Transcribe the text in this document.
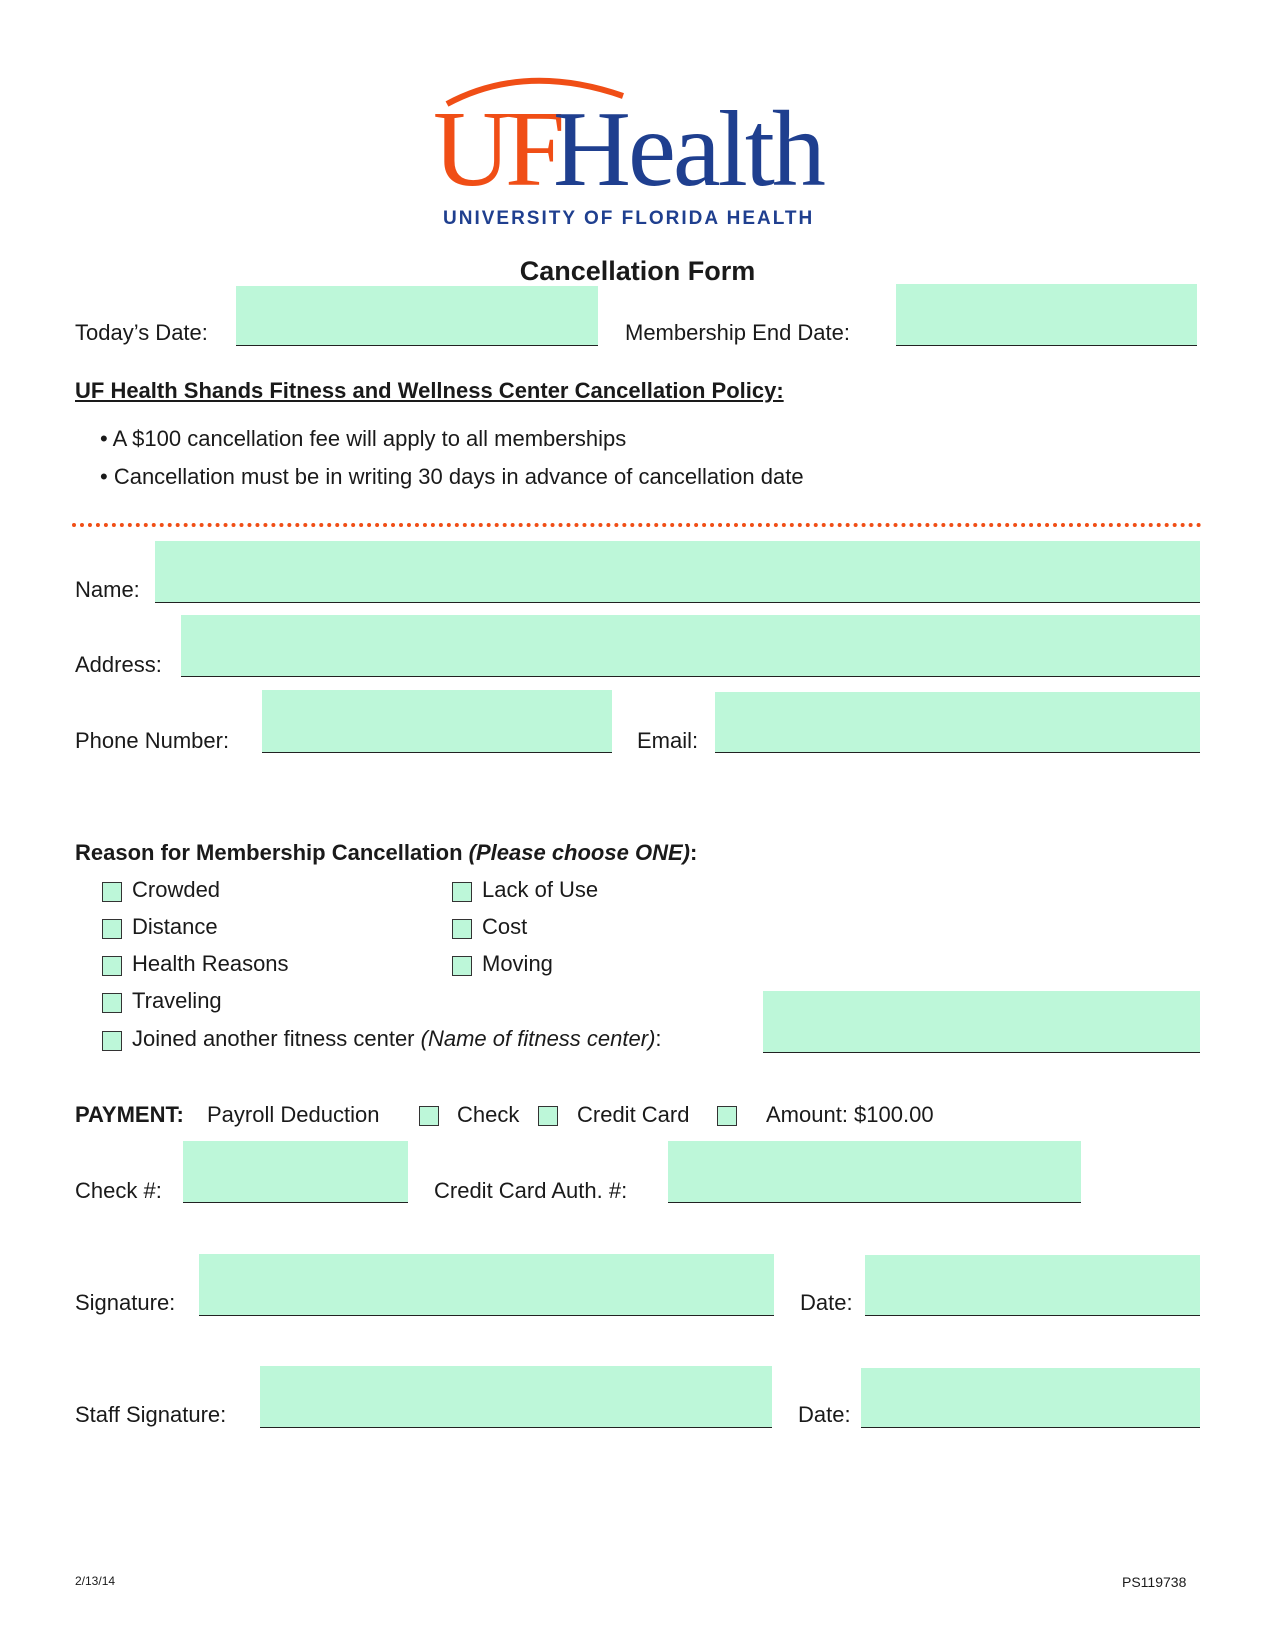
UF
Health
UNIVERSITY OF FLORIDA HEALTH
Cancellation Form
Today’s Date:	Membership End Date:
UF Health Shands Fitness and Wellness Center Cancellation Policy:
• A $100 cancellation fee will apply to all memberships
• Cancellation must be in writing 30 days in advance of cancellation date
Name:
Address:
Phone Number:	Email:
Reason for Membership Cancellation (Please choose ONE):
Crowded	Lack of Use
Distance	Cost
Health Reasons	Moving
Traveling
Joined another fitness center (Name of fitness center):
PAYMENT: Payroll Deduction	Check	Credit Card	Amount: $100.00
Check #:	Credit Card Auth. #:
Signature:	Date:
Staff Signature:	Date:
2/13/14	PS119738
